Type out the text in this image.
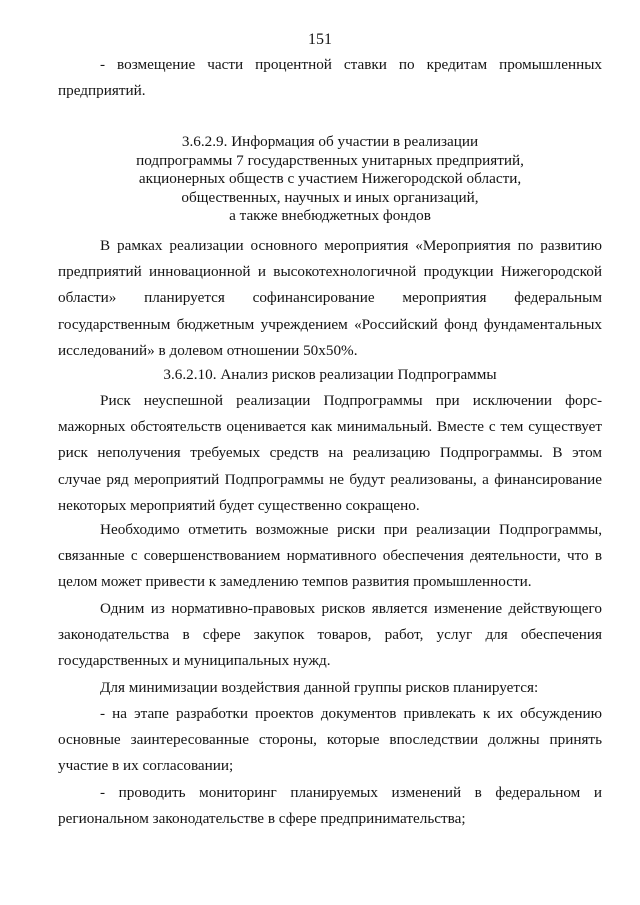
151

- возмещение части процентной ставки по кредитам промышленных предприятий.

3.6.2.9. Информация об участии в реализации
подпрограммы 7 государственных унитарных предприятий,
акционерных обществ с участием Нижегородской области,
общественных, научных и иных организаций,
а также внебюджетных фондов

В рамках реализации основного мероприятия «Мероприятия по развитию предприятий инновационной и высокотехнологичной продукции Нижегородской области» планируется софинансирование мероприятия федеральным государственным бюджетным учреждением «Российский фонд фундаментальных исследований» в долевом отношении 50х50%.

3.6.2.10. Анализ рисков реализации Подпрограммы

Риск неуспешной реализации Подпрограммы при исключении форс-мажорных обстоятельств оценивается как минимальный. Вместе с тем существует риск неполучения требуемых средств на реализацию Подпрограммы. В этом случае ряд мероприятий Подпрограммы не будут реализованы, а финансирование некоторых мероприятий будет существенно сокращено.

Необходимо отметить возможные риски при реализации Подпрограммы, связанные с совершенствованием нормативного обеспечения деятельности, что в целом может привести к замедлению темпов развития промышленности.

Одним из нормативно-правовых рисков является изменение действующего законодательства в сфере закупок товаров, работ, услуг для обеспечения государственных и муниципальных нужд.

Для минимизации воздействия данной группы рисков планируется:

- на этапе разработки проектов документов привлекать к их обсуждению основные заинтересованные стороны, которые впоследствии должны принять участие в их согласовании;

- проводить мониторинг планируемых изменений в федеральном и региональном законодательстве в сфере предпринимательства;
